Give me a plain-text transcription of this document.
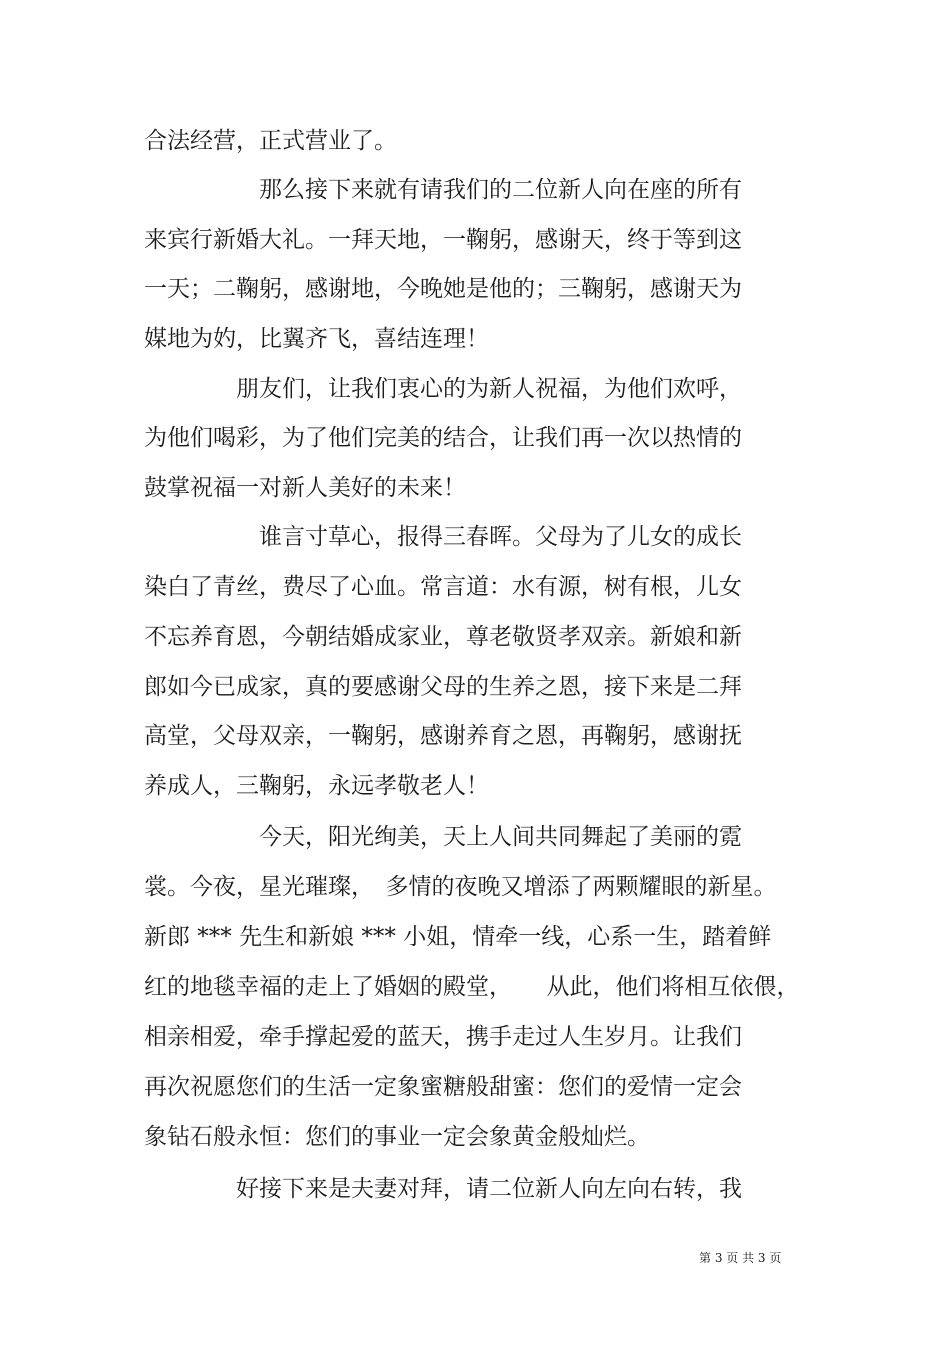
合法经营，正式营业了。
　　　　　那么接下来就有请我们的二位新人向在座的所有
来宾行新婚大礼。一拜天地，一鞠躬，感谢天，终于等到这
一天；二鞠躬，感谢地，今晚她是他的；三鞠躬，感谢天为
媒地为妁，比翼齐飞，喜结连理！
　　　　朋友们，让我们衷心的为新人祝福，为他们欢呼，
为他们喝彩，为了他们完美的结合，让我们再一次以热情的
鼓掌祝福一对新人美好的未来！
　　　　　谁言寸草心，报得三春晖。父母为了儿女的成长
染白了青丝，费尽了心血。常言道：水有源，树有根，儿女
不忘养育恩，今朝结婚成家业，尊老敬贤孝双亲。新娘和新
郎如今已成家，真的要感谢父母的生养之恩，接下来是二拜
高堂，父母双亲，一鞠躬，感谢养育之恩，再鞠躬，感谢抚
养成人，三鞠躬，永远孝敬老人！
　　　　　今天，阳光绚美，天上人间共同舞起了美丽的霓
裳。今夜，星光璀璨，　多情的夜晚又增添了两颗耀眼的新星。
新郎 *** 先生和新娘 *** 小姐，情牵一线，心系一生，踏着鲜
红的地毯幸福的走上了婚姻的殿堂，　　从此，他们将相互依偎，
相亲相爱，牵手撑起爱的蓝天，携手走过人生岁月。让我们
再次祝愿您们的生活一定象蜜糖般甜蜜：您们的爱情一定会
象钻石般永恒：您们的事业一定会象黄金般灿烂。
　　　　好接下来是夫妻对拜，请二位新人向左向右转，我
第 3 页 共 3 页
